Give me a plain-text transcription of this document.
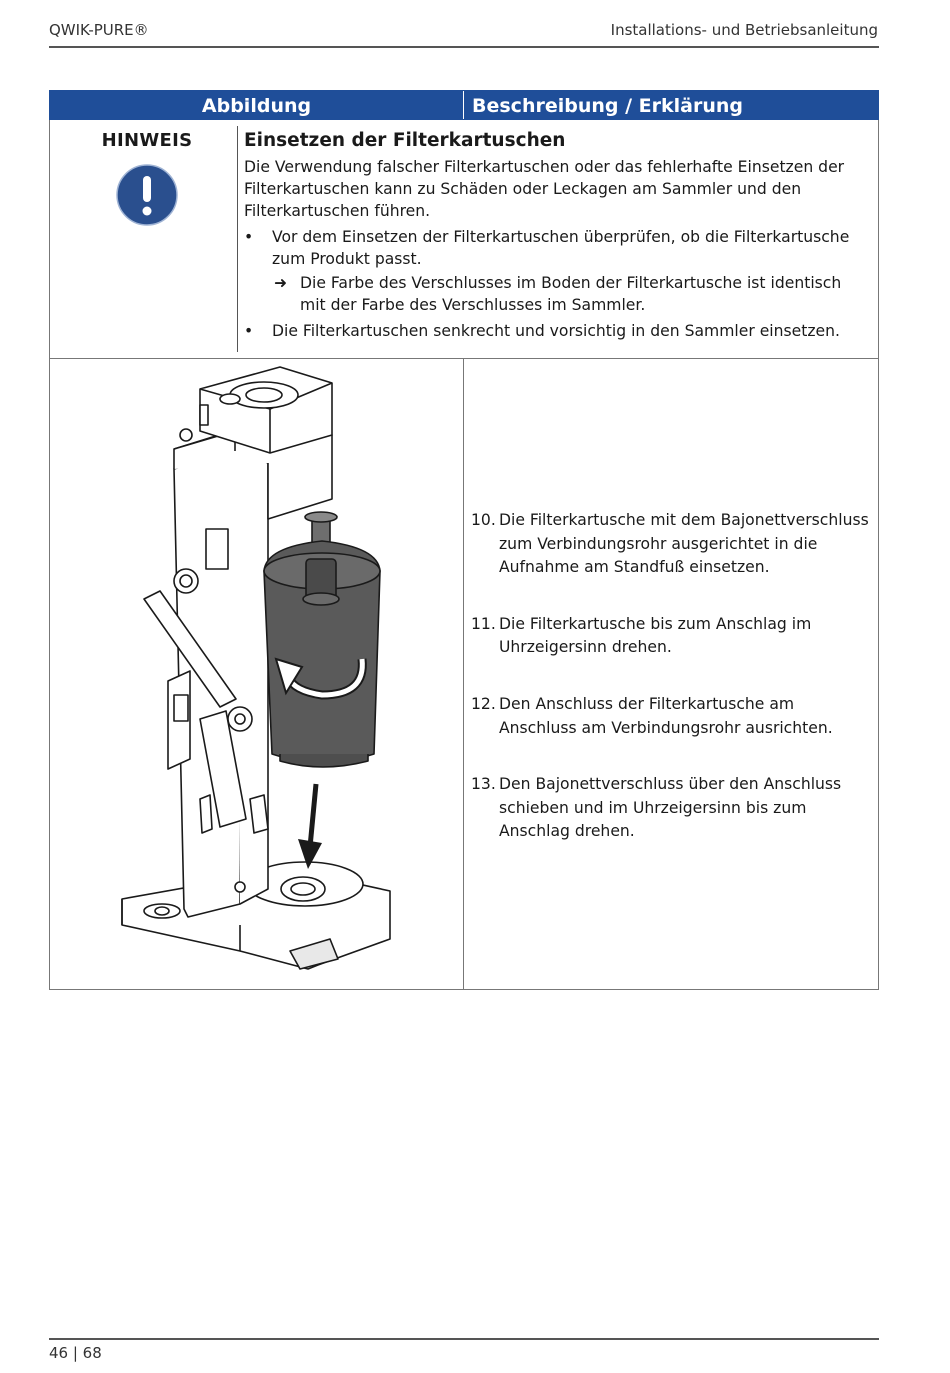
QWIK-PURE®	Installations- und Betriebsanleitung
Abbildung	Beschreibung / Erklärung
HINWEIS	Einsetzen der Filterkartuschen

Die Verwendung falscher Filterkartuschen oder das fehlerhafte Einsetzen der Filterkartuschen kann zu Schäden oder Leckagen am Sammler und den Filterkartuschen führen.

• Vor dem Einsetzen der Filterkartuschen überprüfen, ob die Filterkartusche zum Produkt passt.
➜ Die Farbe des Verschlusses im Boden der Filterkartusche ist identisch mit der Farbe des Verschlusses im Sammler.
• Die Filterkartuschen senkrecht und vorsichtig in den Sammler einsetzen.
10. Die Filterkartusche mit dem Bajonettverschluss zum Verbindungsrohr ausgerichtet in die Aufnahme am Standfuß einsetzen.
11. Die Filterkartusche bis zum Anschlag im Uhrzeigersinn drehen.
12. Den Anschluss der Filterkartusche am Anschluss am Verbindungsrohr ausrichten.
13. Den Bajonettverschluss über den Anschluss schieben und im Uhrzeigersinn bis zum Anschlag drehen.
46 | 68
